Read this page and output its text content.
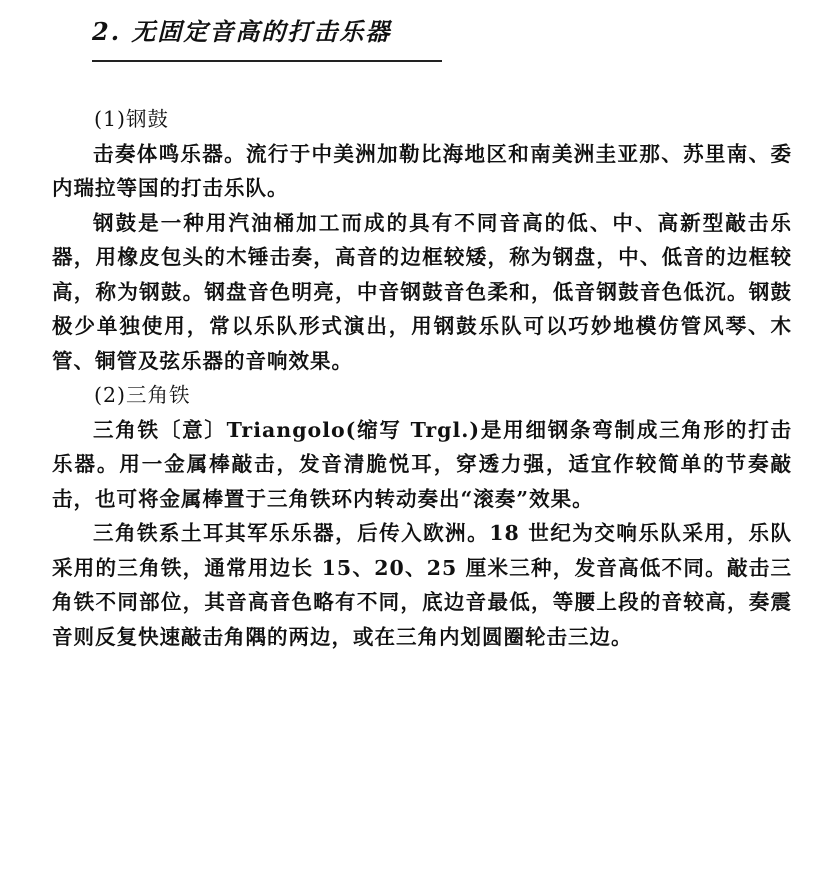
2. 无固定音高的打击乐器

(1)钢鼓

击奏体鸣乐器。流行于中美洲加勒比海地区和南美洲圭亚那、苏里南、委内瑞拉等国的打击乐队。

钢鼓是一种用汽油桶加工而成的具有不同音高的低、中、高新型敲击乐器，用橡皮包头的木锤击奏，高音的边框较矮，称为钢盘，中、低音的边框较高，称为钢鼓。钢盘音色明亮，中音钢鼓音色柔和，低音钢鼓音色低沉。钢鼓极少单独使用，常以乐队形式演出，用钢鼓乐队可以巧妙地模仿管风琴、木管、铜管及弦乐器的音响效果。

(2)三角铁

三角铁〔意〕Triangolo(缩写 Trgl.)是用细钢条弯制成三角形的打击乐器。用一金属棒敲击，发音清脆悦耳，穿透力强，适宜作较简单的节奏敲击，也可将金属棒置于三角铁环内转动奏出“滚奏”效果。

三角铁系土耳其军乐乐器，后传入欧洲。18 世纪为交响乐队采用，乐队采用的三角铁，通常用边长 15、20、25 厘米三种，发音高低不同。敲击三角铁不同部位，其音高音色略有不同，底边音最低，等腰上段的音较高，奏震音则反复快速敲击角隅的两边，或在三角内划圆圈轮击三边。
